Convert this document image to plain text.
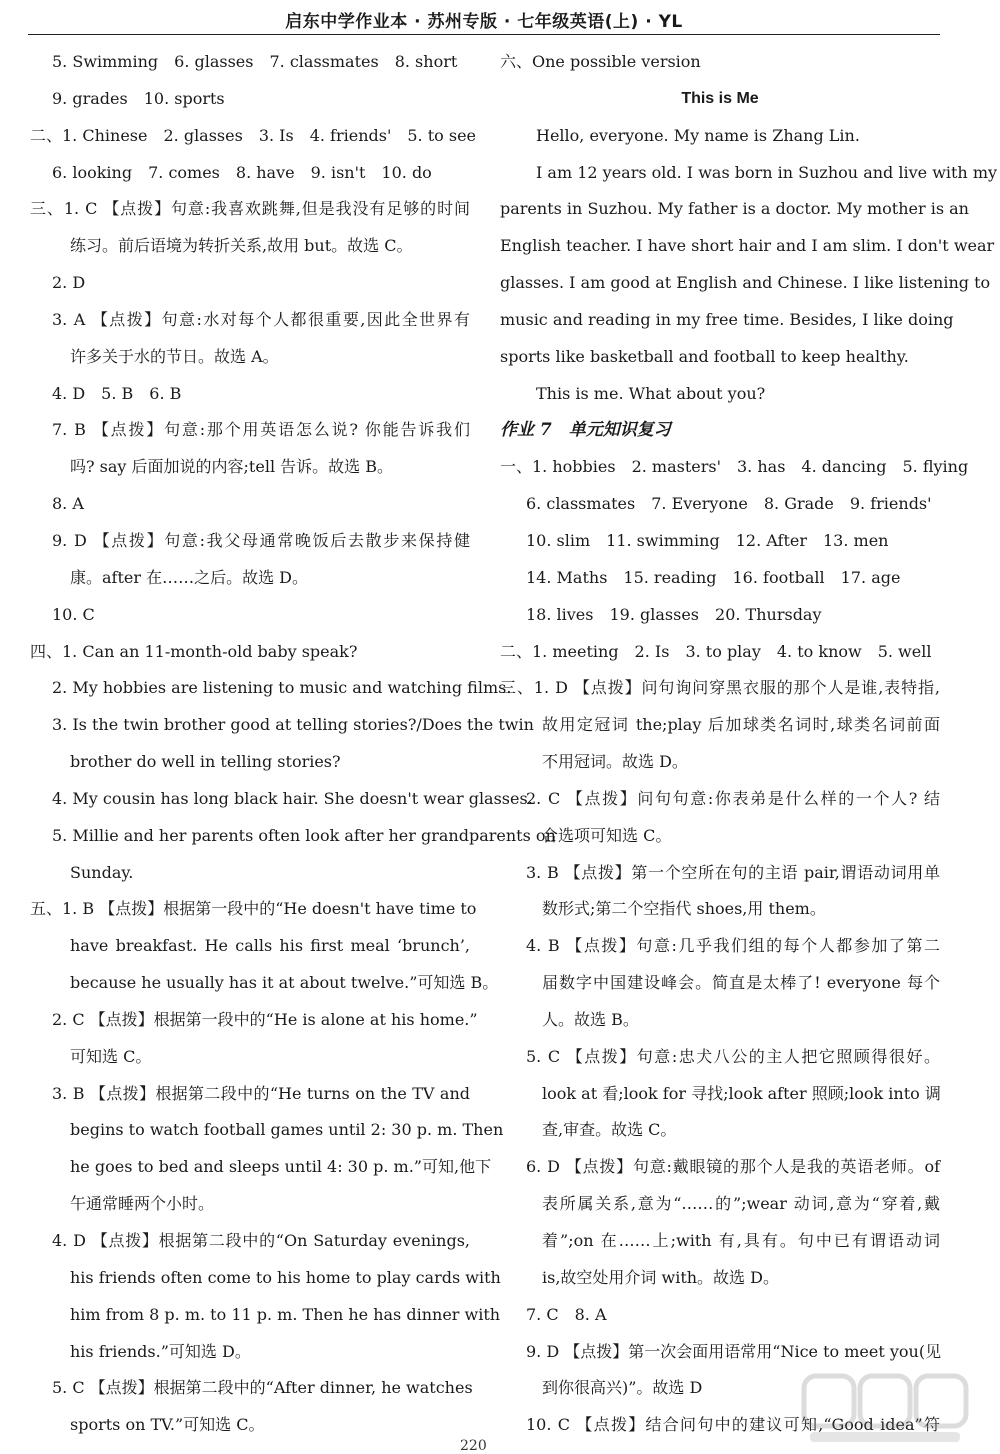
启东中学作业本 · 苏州专版 · 七年级英语(上) · YL
5. Swimming　6. glasses　7. classmates　8. short
9. grades　10. sports
二、1. Chinese　2. glasses　3. Is　4. friends'　5. to see
6. looking　7. comes　8. have　9. isn't　10. do
三、1. C 【点拨】句意:我喜欢跳舞,但是我没有足够的时间
练习。前后语境为转折关系,故用 but。故选 C。
2. D
3. A 【点拨】句意:水对每个人都很重要,因此全世界有
许多关于水的节日。故选 A。
4. D　5. B　6. B
7. B 【点拨】句意:那个用英语怎么说? 你能告诉我们
吗? say 后面加说的内容;tell 告诉。故选 B。
8. A
9. D 【点拨】句意:我父母通常晚饭后去散步来保持健
康。after 在……之后。故选 D。
10. C
四、1. Can an 11-month-old baby speak?
2. My hobbies are listening to music and watching films.
3. Is the twin brother good at telling stories?/Does the twin
brother do well in telling stories?
4. My cousin has long black hair. She doesn't wear glasses.
5. Millie and her parents often look after her grandparents on
Sunday.
五、1. B 【点拨】根据第一段中的“He doesn't have time to
have breakfast. He calls his first meal ‘brunch’,
because he usually has it at about twelve.”可知选 B。
2. C 【点拨】根据第一段中的“He is alone at his home.”
可知选 C。
3. B 【点拨】根据第二段中的“He turns on the TV and
begins to watch football games until 2: 30 p. m. Then
he goes to bed and sleeps until 4: 30 p. m.”可知,他下
午通常睡两个小时。
4. D 【点拨】根据第二段中的“On Saturday evenings,
his friends often come to his home to play cards with
him from 8 p. m. to 11 p. m. Then he has dinner with
his friends.”可知选 D。
5. C 【点拨】根据第二段中的“After dinner, he watches
sports on TV.”可知选 C。
六、One possible version
This is Me
Hello, everyone. My name is Zhang Lin.
I am 12 years old. I was born in Suzhou and live with my
parents in Suzhou. My father is a doctor. My mother is an
English teacher. I have short hair and I am slim. I don't wear
glasses. I am good at English and Chinese. I like listening to
music and reading in my free time. Besides, I like doing
sports like basketball and football to keep healthy.
This is me. What about you?
作业 7　单元知识复习
一、1. hobbies　2. masters'　3. has　4. dancing　5. flying
6. classmates　7. Everyone　8. Grade　9. friends'
10. slim　11. swimming　12. After　13. men
14. Maths　15. reading　16. football　17. age
18. lives　19. glasses　20. Thursday
二、1. meeting　2. Is　3. to play　4. to know　5. well
三、1. D 【点拨】问句询问穿黑衣服的那个人是谁,表特指,
故用定冠词 the;play 后加球类名词时,球类名词前面
不用冠词。故选 D。
2. C 【点拨】问句句意:你表弟是什么样的一个人? 结
合选项可知选 C。
3. B 【点拨】第一个空所在句的主语 pair,谓语动词用单
数形式;第二个空指代 shoes,用 them。
4. B 【点拨】句意:几乎我们组的每个人都参加了第二
届数字中国建设峰会。简直是太棒了! everyone 每个
人。故选 B。
5. C 【点拨】句意:忠犬八公的主人把它照顾得很好。
look at 看;look for 寻找;look after 照顾;look into 调
查,审查。故选 C。
6. D 【点拨】句意:戴眼镜的那个人是我的英语老师。of
表所属关系,意为“……的”;wear 动词,意为“穿着,戴
着”;on 在……上;with 有,具有。句中已有谓语动词
is,故空处用介词 with。故选 D。
7. C　8. A
9. D 【点拨】第一次会面用语常用“Nice to meet you(见
到你很高兴)”。故选 D
10. C 【点拨】结合问句中的建议可知,“Good idea”符
220
